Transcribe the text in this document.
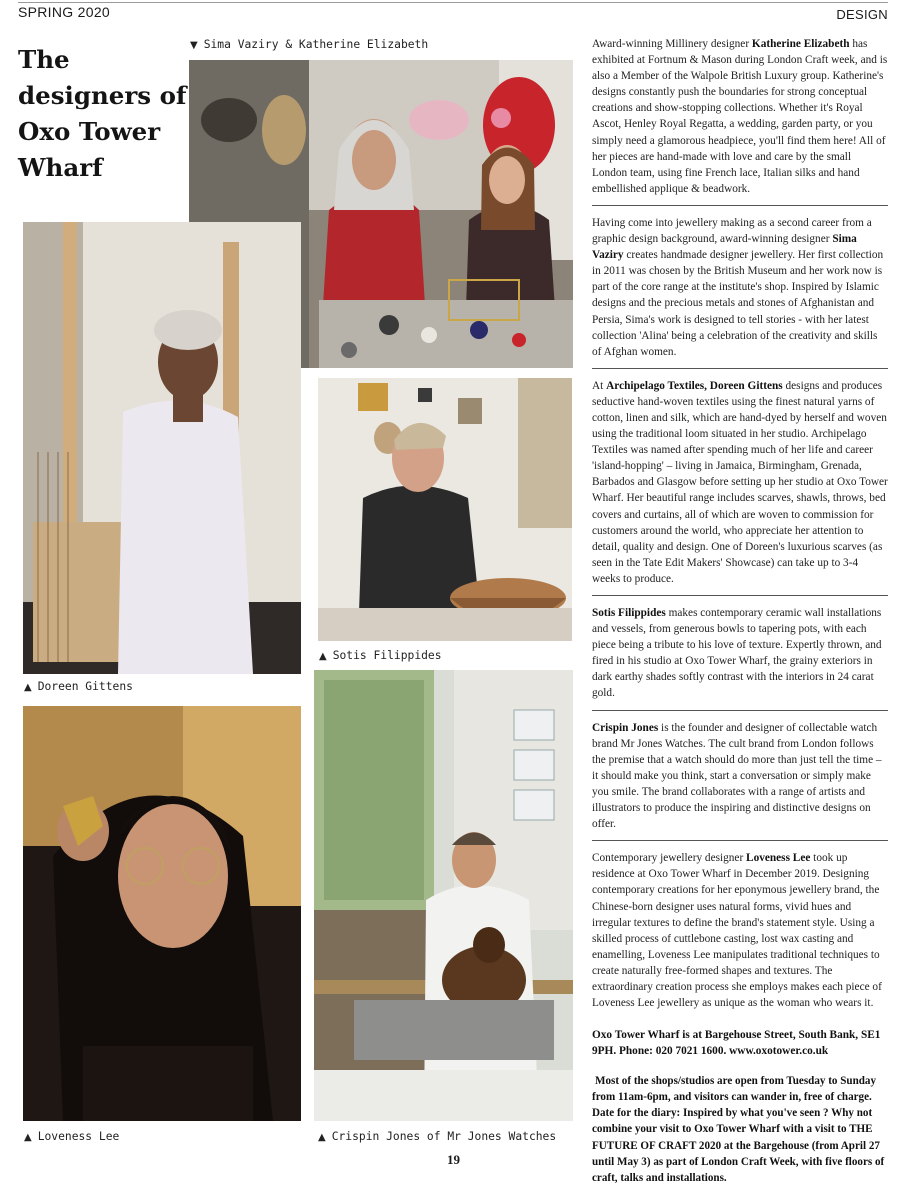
SPRING 2020	DESIGN
The designers of Oxo Tower Wharf
▼ Sima Vaziry & Katherine Elizabeth
▲ Doreen Gittens
▲ Sotis Filippides
▲ Loveness Lee	▲ Crispin Jones of Mr Jones Watches

Award-winning Millinery designer Katherine Elizabeth has exhibited at Fortnum & Mason during London Craft week, and is also a Member of the Walpole British Luxury group. Katherine's designs constantly push the boundaries for strong conceptual creations and show-stopping collections. Whether it's Royal Ascot, Henley Royal Regatta, a wedding, garden party, or you simply need a glamorous headpiece, you'll find them here! All of her pieces are hand-made with love and care by the small London team, using fine French lace, Italian silks and hand embellished applique & beadwork.

Having come into jewellery making as a second career from a graphic design background, award-winning designer Sima Vaziry creates handmade designer jewellery. Her first collection in 2011 was chosen by the British Museum and her work now is part of the core range at the institute's shop. Inspired by Islamic designs and the precious metals and stones of Afghanistan and Persia, Sima's work is designed to tell stories - with her latest collection 'Alina' being a celebration of the creativity and skills of Afghan women.

At Archipelago Textiles, Doreen Gittens designs and produces seductive hand-woven textiles using the finest natural yarns of cotton, linen and silk, which are hand-dyed by herself and woven using the traditional loom situated in her studio. Archipelago Textiles was named after spending much of her life and career 'island-hopping' – living in Jamaica, Birmingham, Grenada, Barbados and Glasgow before setting up her studio at Oxo Tower Wharf. Her beautiful range includes scarves, shawls, throws, bed covers and curtains, all of which are woven to commission for customers around the world, who appreciate her attention to detail, quality and design. One of Doreen's luxurious scarves (as seen in the Tate Edit Makers' Showcase) can take up to 3-4 weeks to produce.

Sotis Filippides makes contemporary ceramic wall installations and vessels, from generous bowls to tapering pots, with each piece being a tribute to his love of texture. Expertly thrown, and fired in his studio at Oxo Tower Wharf, the grainy exteriors in dark earthy shades softly contrast with the interiors in 24 carat gold.

Crispin Jones is the founder and designer of collectable watch brand Mr Jones Watches. The cult brand from London follows the premise that a watch should do more than just tell the time – it should make you think, start a conversation or simply make you smile. The brand collaborates with a range of artists and illustrators to produce the inspiring and distinctive designs on offer.

Contemporary jewellery designer Loveness Lee took up residence at Oxo Tower Wharf in December 2019. Designing contemporary creations for her eponymous jewellery brand, the Chinese-born designer uses natural forms, vivid hues and irregular textures to define the brand's statement style. Using a skilled process of cuttlebone casting, lost wax casting and enamelling, Loveness Lee manipulates traditional techniques to create naturally free-formed shapes and textures. The extraordinary creation process she employs makes each piece of Loveness Lee jewellery as unique as the woman who wears it.

Oxo Tower Wharf is at Bargehouse Street, South Bank, SE1 9PH. Phone: 020 7021 1600. www.oxotower.co.uk

Most of the shops/studios are open from Tuesday to Sunday from 11am-6pm, and visitors can wander in, free of charge. Date for the diary: Inspired by what you've seen ? Why not combine your visit to Oxo Tower Wharf with a visit to THE FUTURE OF CRAFT 2020 at the Bargehouse (from April 27 until May 3) as part of London Craft Week, with five floors of craft, talks and installations.

19
